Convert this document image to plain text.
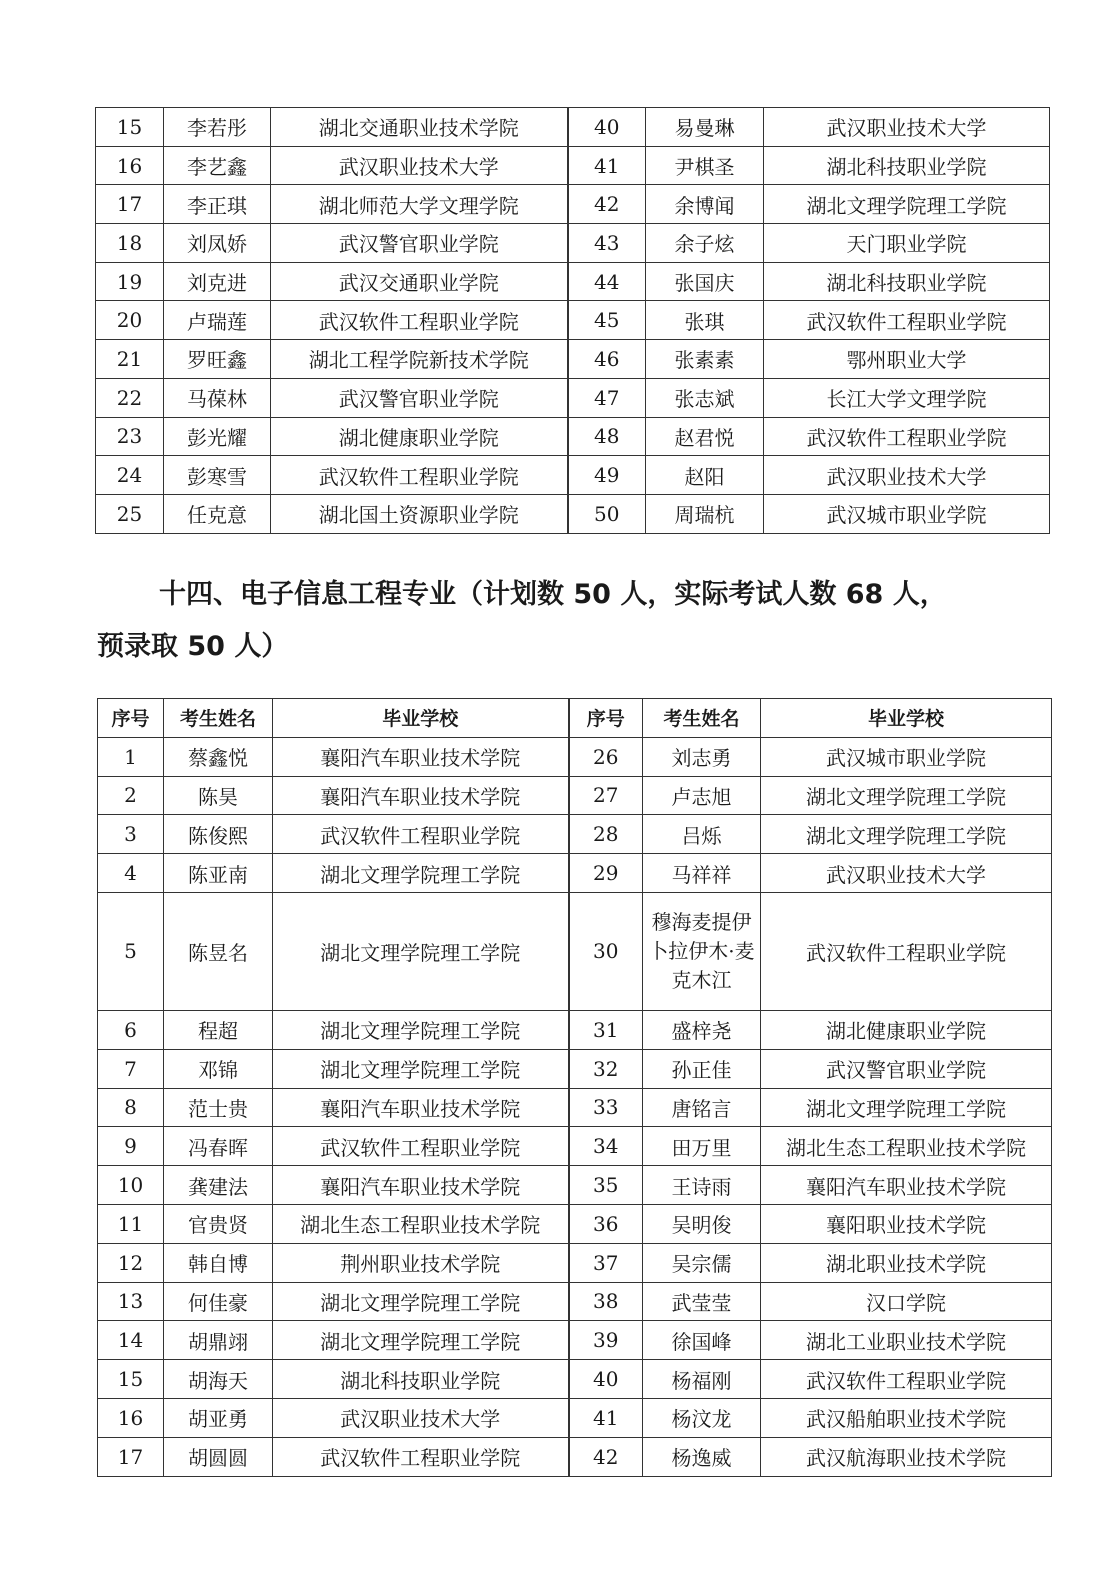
15	李若彤	湖北交通职业技术学院	40	易曼琳	武汉职业技术大学
16	李艺鑫	武汉职业技术大学	41	尹棋圣	湖北科技职业学院
17	李正琪	湖北师范大学文理学院	42	余博闻	湖北文理学院理工学院
18	刘凤娇	武汉警官职业学院	43	余子炫	天门职业学院
19	刘克进	武汉交通职业学院	44	张国庆	湖北科技职业学院
20	卢瑞莲	武汉软件工程职业学院	45	张琪	武汉软件工程职业学院
21	罗旺鑫	湖北工程学院新技术学院	46	张素素	鄂州职业大学
22	马葆林	武汉警官职业学院	47	张志斌	长江大学文理学院
23	彭光耀	湖北健康职业学院	48	赵君悦	武汉软件工程职业学院
24	彭寒雪	武汉软件工程职业学院	49	赵阳	武汉职业技术大学
25	任克意	湖北国土资源职业学院	50	周瑞杭	武汉城市职业学院
十四、电子信息工程专业（计划数 50 人，实际考试人数 68 人，
预录取 50 人）
序号	考生姓名	毕业学校	序号	考生姓名	毕业学校
1	蔡鑫悦	襄阳汽车职业技术学院	26	刘志勇	武汉城市职业学院
2	陈昊	襄阳汽车职业技术学院	27	卢志旭	湖北文理学院理工学院
3	陈俊熙	武汉软件工程职业学院	28	吕烁	湖北文理学院理工学院
4	陈亚南	湖北文理学院理工学院	29	马祥祥	武汉职业技术大学
5	陈昱名	湖北文理学院理工学院	30	穆海麦提伊卜拉伊木·麦克木江	武汉软件工程职业学院
6	程超	湖北文理学院理工学院	31	盛梓尧	湖北健康职业学院
7	邓锦	湖北文理学院理工学院	32	孙正佳	武汉警官职业学院
8	范士贵	襄阳汽车职业技术学院	33	唐铭言	湖北文理学院理工学院
9	冯春晖	武汉软件工程职业学院	34	田万里	湖北生态工程职业技术学院
10	龚建法	襄阳汽车职业技术学院	35	王诗雨	襄阳汽车职业技术学院
11	官贵贤	湖北生态工程职业技术学院	36	吴明俊	襄阳职业技术学院
12	韩自博	荆州职业技术学院	37	吴宗儒	湖北职业技术学院
13	何佳豪	湖北文理学院理工学院	38	武莹莹	汉口学院
14	胡鼎翊	湖北文理学院理工学院	39	徐国峰	湖北工业职业技术学院
15	胡海天	湖北科技职业学院	40	杨福刚	武汉软件工程职业学院
16	胡亚勇	武汉职业技术大学	41	杨汶龙	武汉船舶职业技术学院
17	胡圆圆	武汉软件工程职业学院	42	杨逸威	武汉航海职业技术学院
